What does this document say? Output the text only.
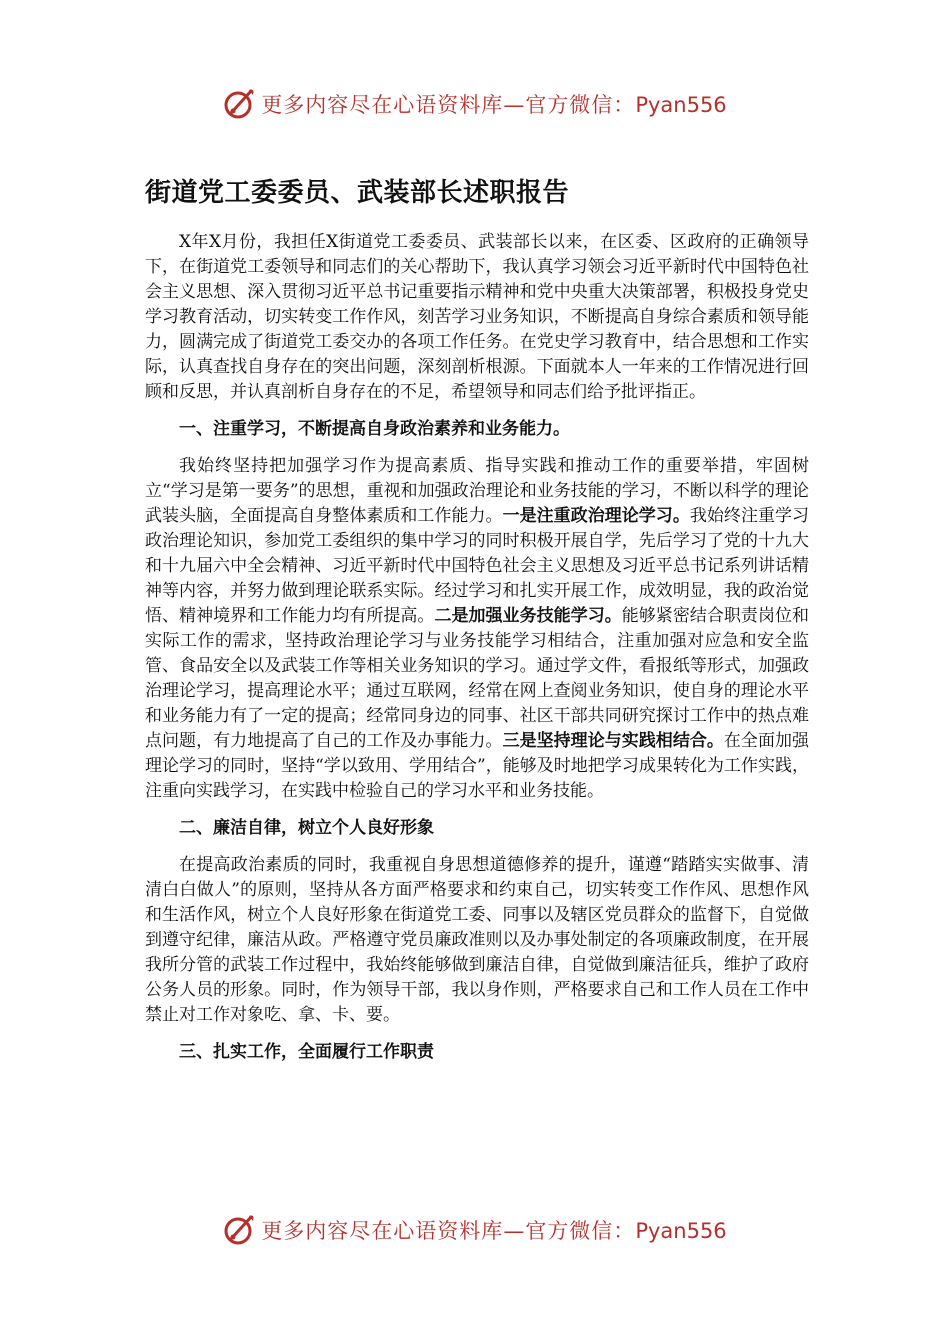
更多内容尽在心语资料库—官方微信：Pyan556
街道党工委委员、武装部长述职报告

X年X月份，我担任X街道党工委委员、武装部长以来，在区委、区政府的正确领导下，在街道党工委领导和同志们的关心帮助下，我认真学习领会习近平新时代中国特色社会主义思想、深入贯彻习近平总书记重要指示精神和党中央重大决策部署，积极投身党史学习教育活动，切实转变工作作风，刻苦学习业务知识，不断提高自身综合素质和领导能力，圆满完成了街道党工委交办的各项工作任务。在党史学习教育中，结合思想和工作实际，认真查找自身存在的突出问题，深刻剖析根源。下面就本人一年来的工作情况进行回顾和反思，并认真剖析自身存在的不足，希望领导和同志们给予批评指正。

一、注重学习，不断提高自身政治素养和业务能力。

我始终坚持把加强学习作为提高素质、指导实践和推动工作的重要举措，牢固树立“学习是第一要务”的思想，重视和加强政治理论和业务技能的学习，不断以科学的理论武装头脑，全面提高自身整体素质和工作能力。一是注重政治理论学习。我始终注重学习政治理论知识，参加党工委组织的集中学习的同时积极开展自学，先后学习了党的十九大和十九届六中全会精神、习近平新时代中国特色社会主义思想及习近平总书记系列讲话精神等内容，并努力做到理论联系实际。经过学习和扎实开展工作，成效明显，我的政治觉悟、精神境界和工作能力均有所提高。二是加强业务技能学习。能够紧密结合职责岗位和实际工作的需求，坚持政治理论学习与业务技能学习相结合，注重加强对应急和安全监管、食品安全以及武装工作等相关业务知识的学习。通过学文件，看报纸等形式，加强政治理论学习，提高理论水平；通过互联网，经常在网上查阅业务知识，使自身的理论水平和业务能力有了一定的提高；经常同身边的同事、社区干部共同研究探讨工作中的热点难点问题，有力地提高了自己的工作及办事能力。三是坚持理论与实践相结合。在全面加强理论学习的同时，坚持“学以致用、学用结合”，能够及时地把学习成果转化为工作实践，注重向实践学习，在实践中检验自己的学习水平和业务技能。

二、廉洁自律，树立个人良好形象

在提高政治素质的同时，我重视自身思想道德修养的提升，谨遵“踏踏实实做事、清清白白做人”的原则，坚持从各方面严格要求和约束自己，切实转变工作作风、思想作风和生活作风，树立个人良好形象在街道党工委、同事以及辖区党员群众的监督下，自觉做到遵守纪律，廉洁从政。严格遵守党员廉政准则以及办事处制定的各项廉政制度，在开展我所分管的武装工作过程中，我始终能够做到廉洁自律，自觉做到廉洁征兵，维护了政府公务人员的形象。同时，作为领导干部，我以身作则，严格要求自己和工作人员在工作中禁止对工作对象吃、拿、卡、要。

三、扎实工作，全面履行工作职责
更多内容尽在心语资料库—官方微信：Pyan556
